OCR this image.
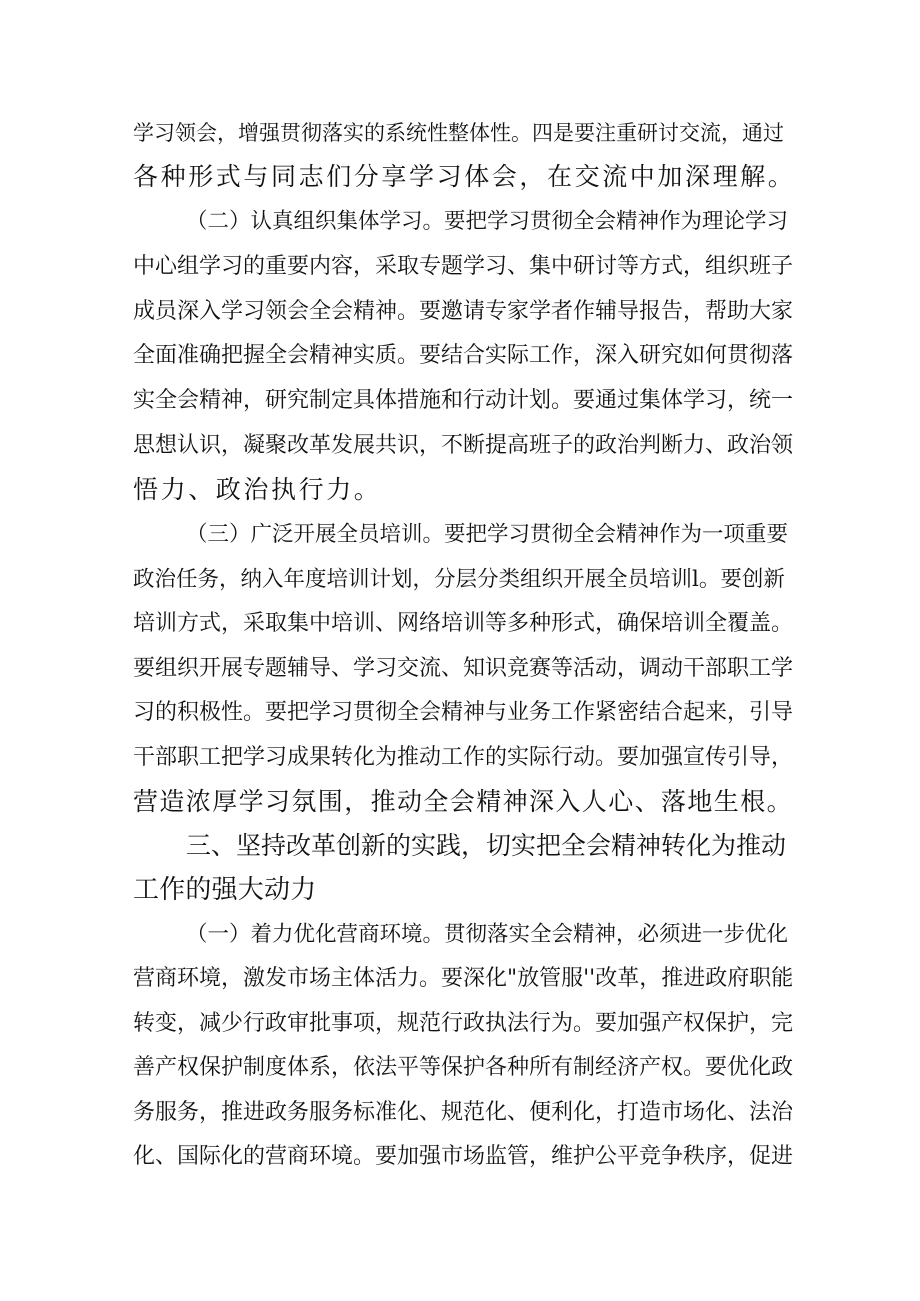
学习领会，增强贯彻落实的系统性整体性。四是要注重研讨交流，通过
各种形式与同志们分享学习体会，在交流中加深理解。
（二）认真组织集体学习。要把学习贯彻全会精神作为理论学习
中心组学习的重要内容，采取专题学习、集中研讨等方式，组织班子
成员深入学习领会全会精神。要邀请专家学者作辅导报告，帮助大家
全面准确把握全会精神实质。要结合实际工作，深入研究如何贯彻落
实全会精神，研究制定具体措施和行动计划。要通过集体学习，统一
思想认识，凝聚改革发展共识，不断提高班子的政治判断力、政治领
悟力、政治执行力。
（三）广泛开展全员培训。要把学习贯彻全会精神作为一项重要
政治任务，纳入年度培训计划，分层分类组织开展全员培训l。要创新
培训方式，采取集中培训、网络培训等多种形式，确保培训全覆盖。
要组织开展专题辅导、学习交流、知识竞赛等活动，调动干部职工学
习的积极性。要把学习贯彻全会精神与业务工作紧密结合起来，引导
干部职工把学习成果转化为推动工作的实际行动。要加强宣传引导，
营造浓厚学习氛围，推动全会精神深入人心、落地生根。
三、坚持改革创新的实践，切实把全会精神转化为推动
工作的强大动力
（一）着力优化营商环境。贯彻落实全会精神，必须进一步优化
营商环境，激发市场主体活力。要深化"放管服''改革，推进政府职能
转变，减少行政审批事项，规范行政执法行为。要加强产权保护，完
善产权保护制度体系，依法平等保护各种所有制经济产权。要优化政
务服务，推进政务服务标准化、规范化、便利化，打造市场化、法治
化、国际化的营商环境。要加强市场监管，维护公平竞争秩序，促进
